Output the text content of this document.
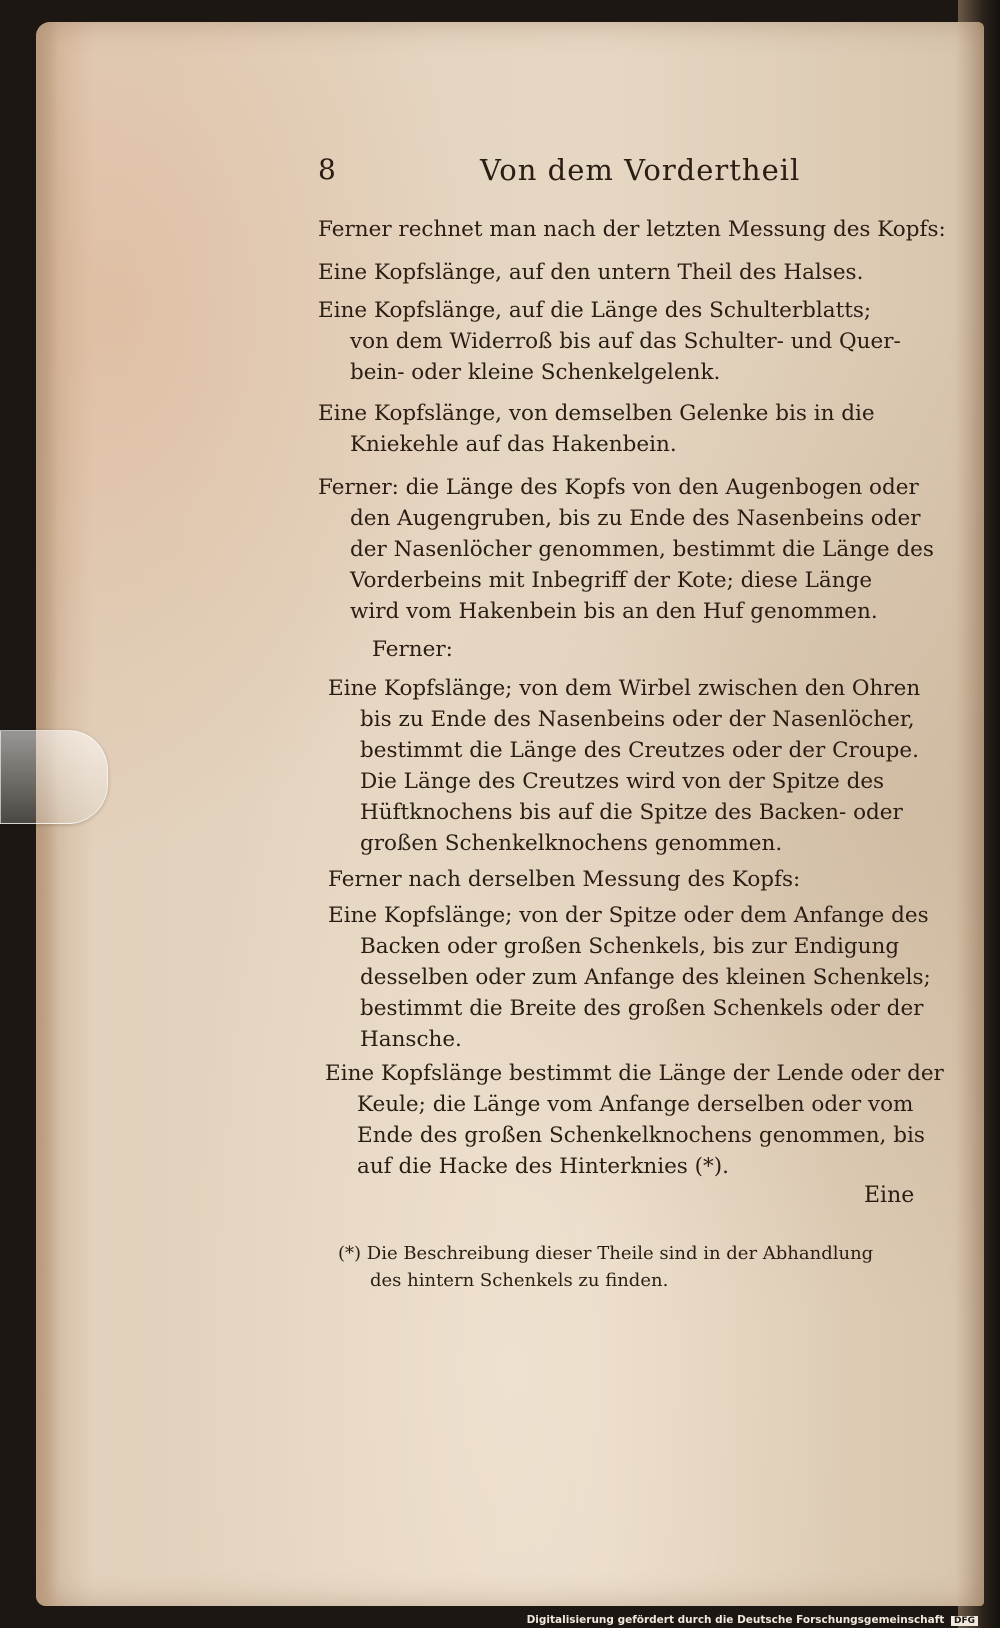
8	Von dem Vordertheil
Ferner rechnet man nach der letzten Messung des Kopfs:
Eine Kopfslänge, auf den untern Theil des Halses.
Eine Kopfslänge, auf die Länge des Schulterblatts;
von dem Widerroß bis auf das Schulter- und Quer-
bein- oder kleine Schenkelgelenk.
Eine Kopfslänge, von demselben Gelenke bis in die
Kniekehle auf das Hakenbein.
Ferner: die Länge des Kopfs von den Augenbogen oder
den Augengruben, bis zu Ende des Nasenbeins oder
der Nasenlöcher genommen, bestimmt die Länge des
Vorderbeins mit Inbegriff der Kote; diese Länge
wird vom Hakenbein bis an den Huf genommen.
Ferner:
Eine Kopfslänge; von dem Wirbel zwischen den Ohren
bis zu Ende des Nasenbeins oder der Nasenlöcher,
bestimmt die Länge des Creutzes oder der Croupe.
Die Länge des Creutzes wird von der Spitze des
Hüftknochens bis auf die Spitze des Backen- oder
großen Schenkelknochens genommen.
Ferner nach derselben Messung des Kopfs:
Eine Kopfslänge; von der Spitze oder dem Anfange des
Backen oder großen Schenkels, bis zur Endigung
desselben oder zum Anfange des kleinen Schenkels;
bestimmt die Breite des großen Schenkels oder der
Hansche.
Eine Kopfslänge bestimmt die Länge der Lende oder der
Keule; die Länge vom Anfange derselben oder vom
Ende des großen Schenkelknochens genommen, bis
auf die Hacke des Hinterknies (*).
Eine
(*) Die Beschreibung dieser Theile sind in der Abhandlung
des hintern Schenkels zu finden.
Digitalisierung gefördert durch die Deutsche Forschungsgemeinschaft DFG
